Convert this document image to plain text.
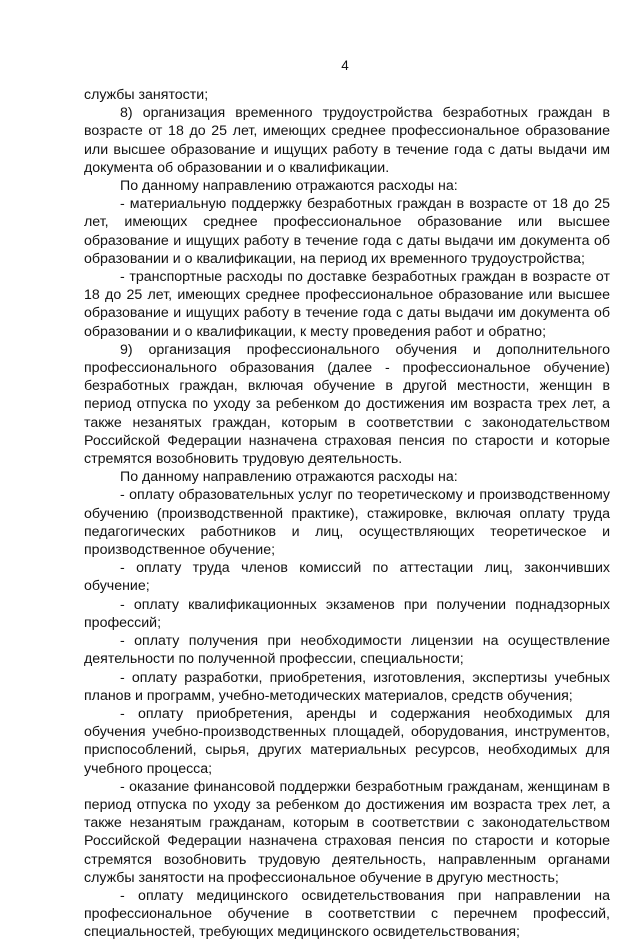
4

службы занятости;

8) организация временного трудоустройства безработных граждан в возрасте от 18 до 25 лет, имеющих среднее профессиональное образование или высшее образование и ищущих работу в течение года с даты выдачи им документа об образовании и о квалификации.

По данному направлению отражаются расходы на:

- материальную поддержку безработных граждан в возрасте от 18 до 25 лет, имеющих среднее профессиональное образование или высшее образование и ищущих работу в течение года с даты выдачи им документа об образовании и о квалификации, на период их временного трудоустройства;

- транспортные расходы по доставке безработных граждан в возрасте от 18 до 25 лет, имеющих среднее профессиональное образование или высшее образование и ищущих работу в течение года с даты выдачи им документа об образовании и о квалификации, к месту проведения работ и обратно;

9) организация профессионального обучения и дополнительного профессионального образования (далее - профессиональное обучение) безработных граждан, включая обучение в другой местности, женщин в период отпуска по уходу за ребенком до достижения им возраста трех лет, а также незанятых граждан, которым в соответствии с законодательством Российской Федерации назначена страховая пенсия по старости и которые стремятся возобновить трудовую деятельность.

По данному направлению отражаются расходы на:

- оплату образовательных услуг по теоретическому и производственному обучению (производственной практике), стажировке, включая оплату труда педагогических работников и лиц, осуществляющих теоретическое и производственное обучение;

- оплату труда членов комиссий по аттестации лиц, закончивших обучение;

- оплату квалификационных экзаменов при получении поднадзорных профессий;

- оплату получения при необходимости лицензии на осуществление деятельности по полученной профессии, специальности;

- оплату разработки, приобретения, изготовления, экспертизы учебных планов и программ, учебно-методических материалов, средств обучения;

- оплату приобретения, аренды и содержания необходимых для обучения учебно-производственных площадей, оборудования, инструментов, приспособлений, сырья, других материальных ресурсов, необходимых для учебного процесса;

- оказание финансовой поддержки безработным гражданам, женщинам в период отпуска по уходу за ребенком до достижения им возраста трех лет, а также незанятым гражданам, которым в соответствии с законодательством Российской Федерации назначена страховая пенсия по старости и которые стремятся возобновить трудовую деятельность, направленным органами службы занятости на профессиональное обучение в другую местность;

- оплату медицинского освидетельствования при направлении на профессиональное обучение в соответствии с перечнем профессий, специальностей, требующих медицинского освидетельствования;
